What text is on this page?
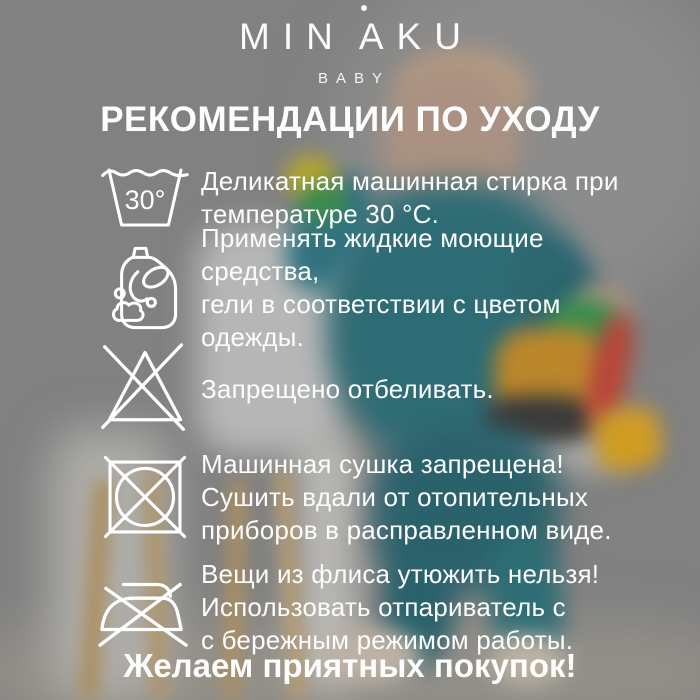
MIN A
KU
BABY
РЕКОМЕНДАЦИИ ПО УХОДУ
30°
Деликатная машинная стирка при
температуре 30 °C.
Применять жидкие моющие средства,
гели в соответствии с цветом одежды.
Запрещено отбеливать.
Машинная сушка запрещена!
Сушить вдали от отопительных
приборов в расправленном виде.
Вещи из флиса утюжить нельзя!
Использовать отпариватель с
с бережным режимом работы.
Желаем приятных покупок!
